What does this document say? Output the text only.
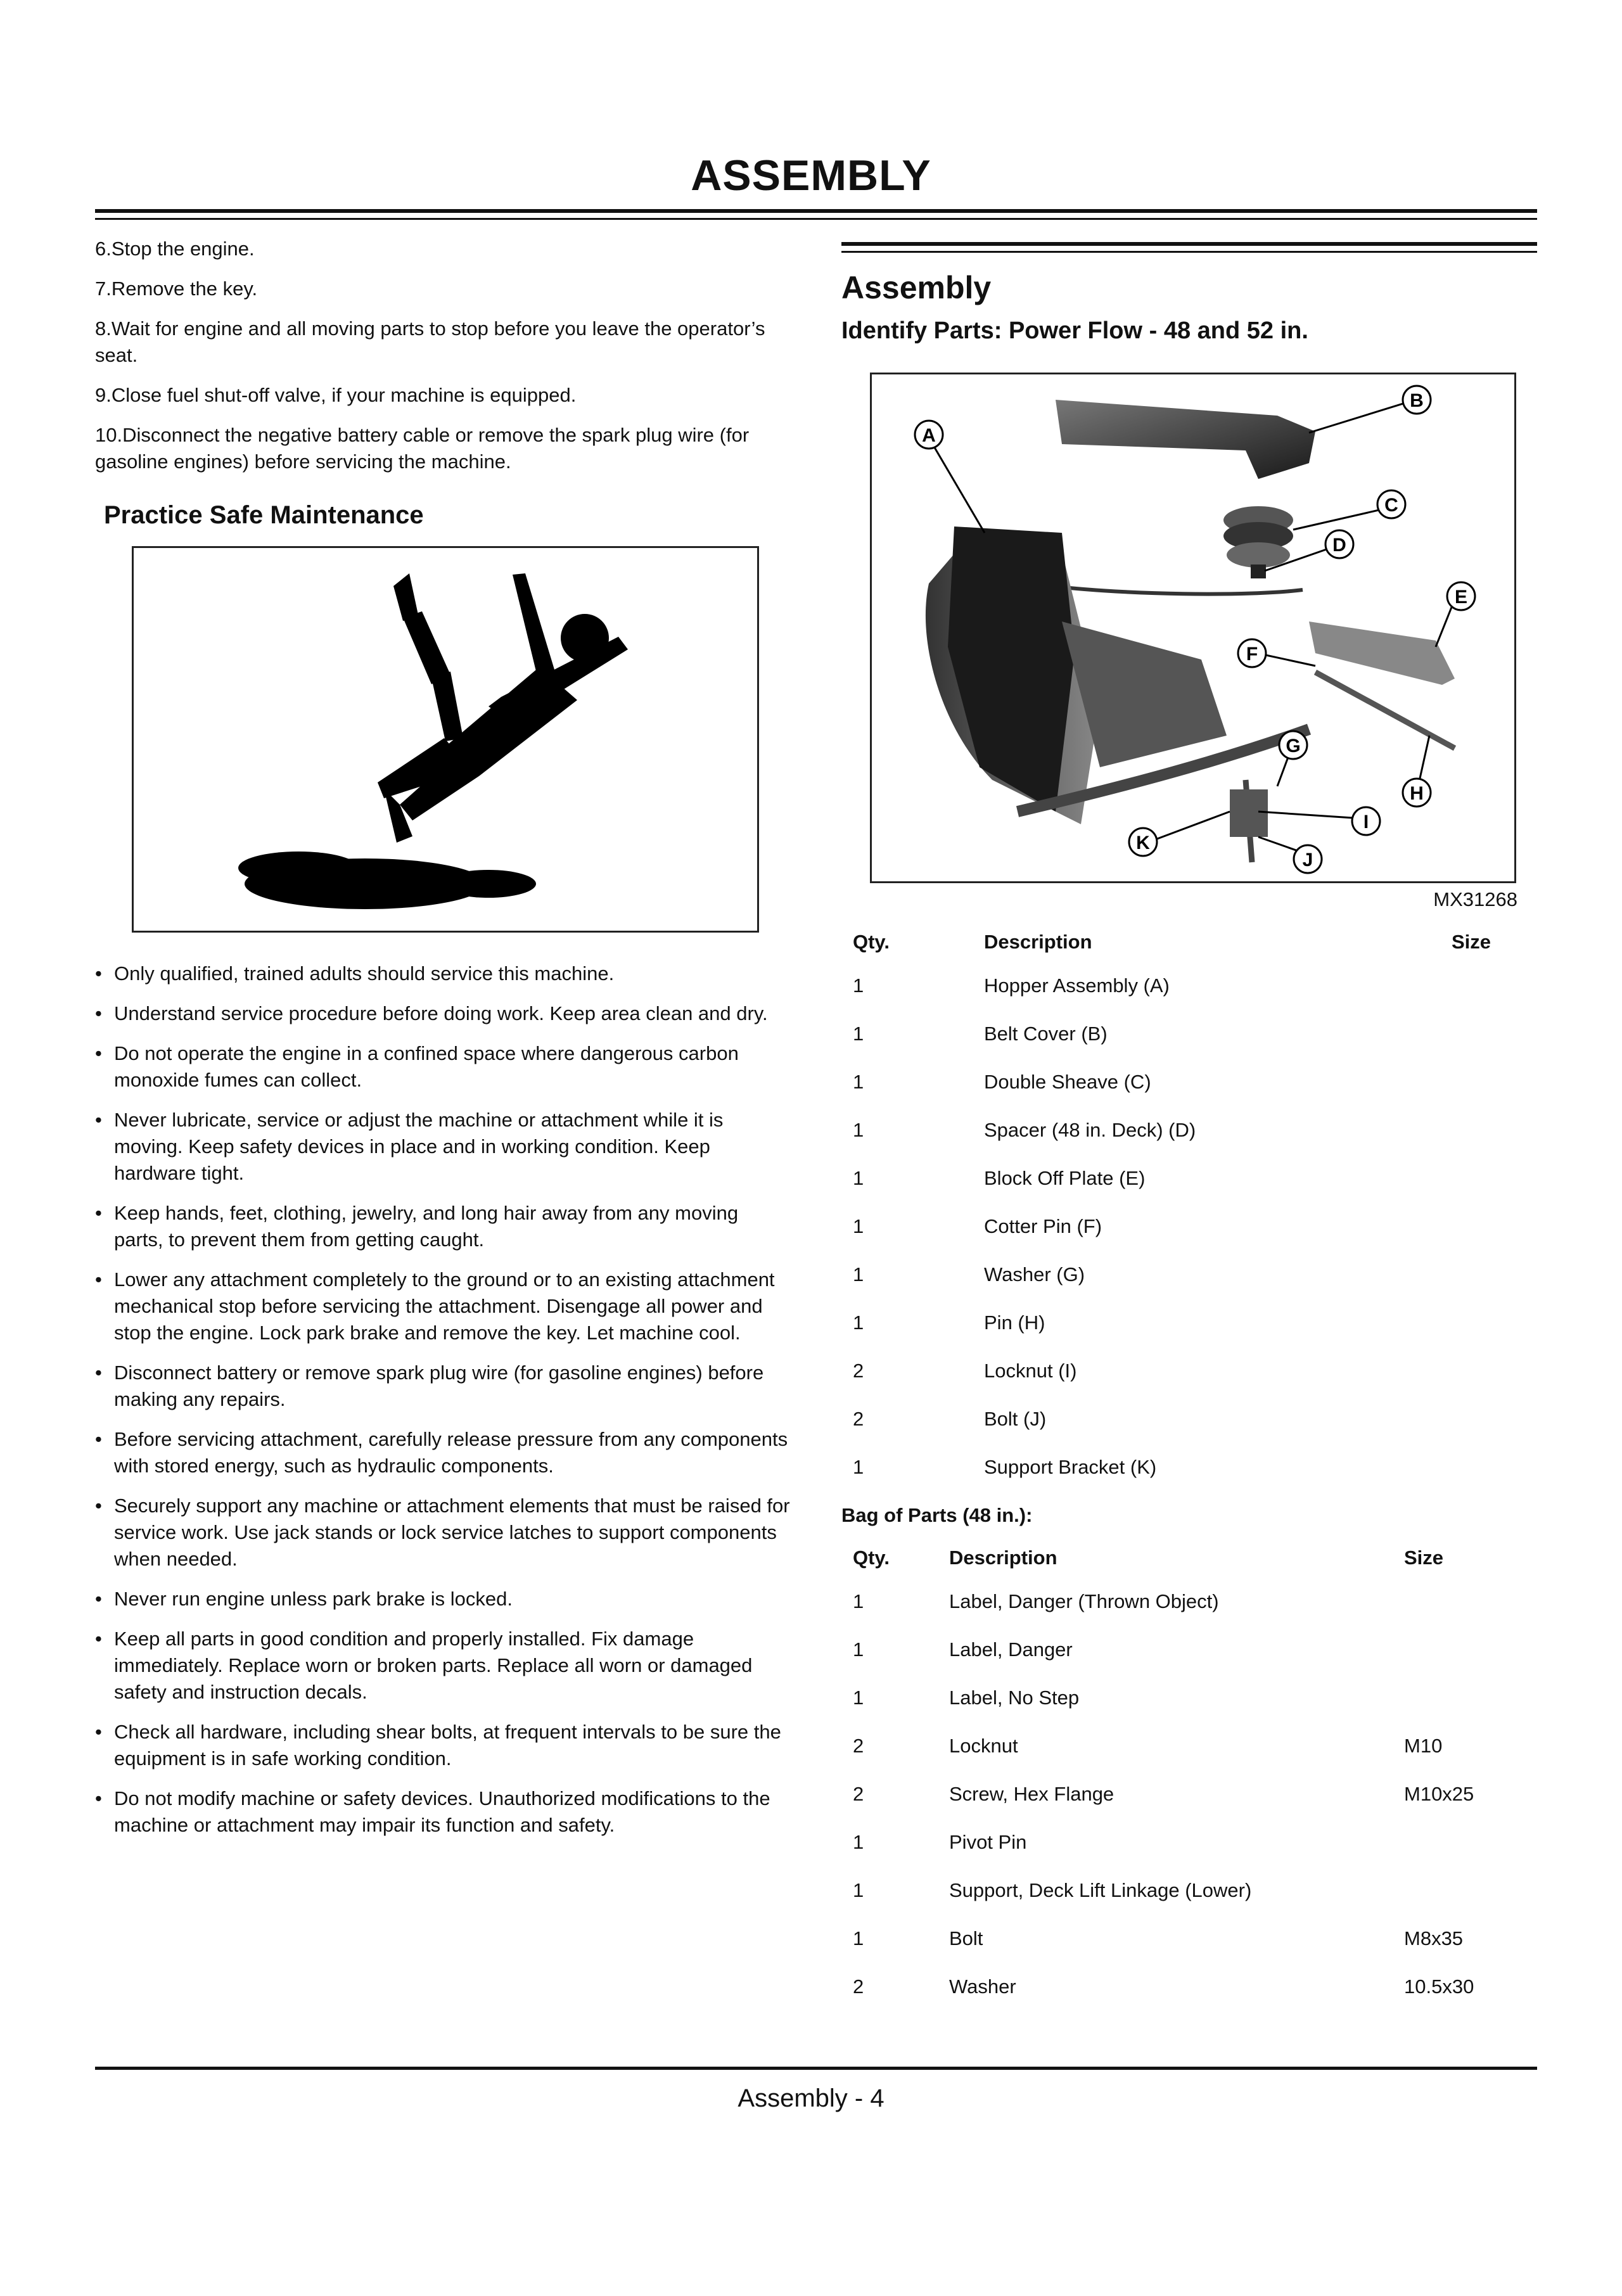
ASSEMBLY

6.Stop the engine.

7.Remove the key.

8.Wait for engine and all moving parts to stop before you leave the operator’s seat.

9.Close fuel shut-off valve, if your machine is equipped.

10.Disconnect the negative battery cable or remove the spark plug wire (for gasoline engines) before servicing the machine.

Practice Safe Maintenance

• Only qualified, trained adults should service this machine.

• Understand service procedure before doing work. Keep area clean and dry.

• Do not operate the engine in a confined space where dangerous carbon monoxide fumes can collect.

• Never lubricate, service or adjust the machine or attachment while it is moving. Keep safety devices in place and in working condition. Keep hardware tight.

• Keep hands, feet, clothing, jewelry, and long hair away from any moving parts, to prevent them from getting caught.

• Lower any attachment completely to the ground or to an existing attachment mechanical stop before servicing the attachment. Disengage all power and stop the engine. Lock park brake and remove the key. Let machine cool.

• Disconnect battery or remove spark plug wire (for gasoline engines) before making any repairs.

• Before servicing attachment, carefully release pressure from any components with stored energy, such as hydraulic components.

• Securely support any machine or attachment elements that must be raised for service work. Use jack stands or lock service latches to support components when needed.

• Never run engine unless park brake is locked.

• Keep all parts in good condition and properly installed. Fix damage immediately. Replace worn or broken parts. Replace all worn or damaged safety and instruction decals.

• Check all hardware, including shear bolts, at frequent intervals to be sure the equipment is in safe working condition.

• Do not modify machine or safety devices. Unauthorized modifications to the machine or attachment may impair its function and safety.

Assembly
Identify Parts: Power Flow - 48 and 52 in.
A
B
C
D
E
F
G
H
I
J
K
MX31268
Qty.	Description	Size
1	Hopper Assembly (A)	
1	Belt Cover (B)	
1	Double Sheave (C)	
1	Spacer (48 in. Deck) (D)	
1	Block Off Plate (E)	
1	Cotter Pin (F)	
1	Washer (G)	
1	Pin (H)	
2	Locknut (I)	
2	Bolt (J)	
1	Support Bracket (K)	
Bag of Parts (48 in.):
Qty.	Description	Size
1	Label, Danger (Thrown Object)	
1	Label, Danger	
1	Label, No Step	
2	Locknut	M10
2	Screw, Hex Flange	M10x25
1	Pivot Pin	
1	Support, Deck Lift Linkage (Lower)	
1	Bolt	M8x35
2	Washer	10.5x30
Assembly - 4
